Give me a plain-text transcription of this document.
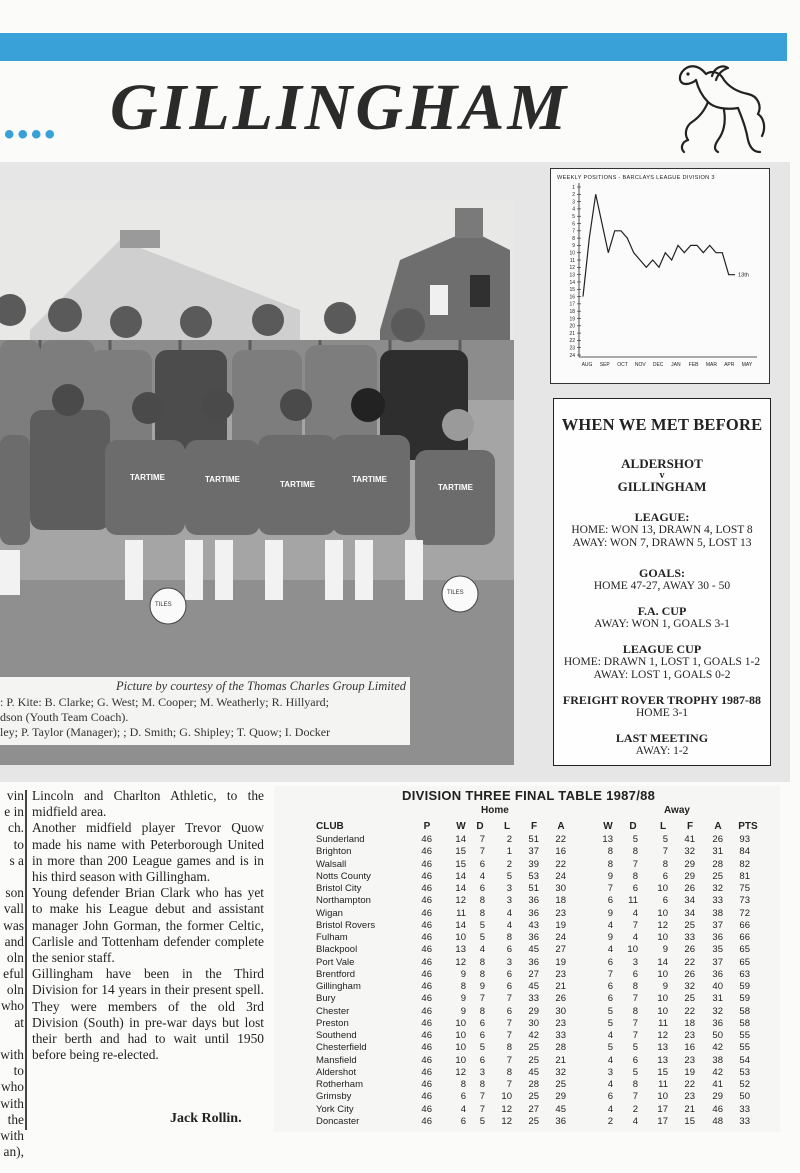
•••• GILLINGHAM
TILES
TILES
TARTIME	TARTIME
TARTIME
TARTIME
TARTIME
Picture by courtesy of the Thomas Charles Group Limited
: P. Kite: B. Clarke; G. West; M. Cooper; M. Weatherly; R. Hillyard;
dson (Youth Team Coach).
ley; P. Taylor (Manager); ; D. Smith; G. Shipley; T. Quow; I. Docker
WEEKLY POSITIONS - BARCLAYS LEAGUE DIVISION 3
1
2
3
4
5
6
7
8
9
10
11
12
13
14
15
16
17
18
19
20
21
22
23
24
AUG SEP OCT NOV DEC JAN FEB MAR APR MAY
13th
WHEN WE MET BEFORE
ALDERSHOT
v
GILLINGHAM
LEAGUE:
HOME: WON 13, DRAWN 4, LOST 8
AWAY: WON 7, DRAWN 5, LOST 13
GOALS:
HOME 47-27, AWAY 30 - 50
F.A. CUP
AWAY: WON 1, GOALS 3-1
LEAGUE CUP
HOME: DRAWN 1, LOST 1, GOALS 1-2
AWAY: LOST 1, GOALS 0-2
FREIGHT ROVER TROPHY 1987-88
HOME 3-1
LAST MEETING
AWAY: 1-2
vin
e in
ch.
to
s a
son
vall
was
and
oln
eful
oln
who
at
with
to
who
with
the
with
an),

Lincoln and Charlton Athletic, to the midfield area.

Another midfield player Trevor Quow made his name with Peterborough United in more than 200 League games and is in his third season with Gillingham.

Young defender Brian Clark who has yet to make his League debut and assistant manager John Gorman, the former Celtic, Carlisle and Tottenham defender complete the senior staff.

Gillingham have been in the Third Division for 14 years in their present spell. They were members of the old 3rd Division (South) in pre-war days but lost their berth and had to wait until 1950 before being re-elected.

Jack Rollin.
DIVISION THREE FINAL TABLE 1987/88
Home	Away
CLUB	P	W	D	L	F	A	W	D	L	F	A	PTS
Sunderland	46 14 7 2 51 22	13 5	5 41 26 93
Brighton	46 15 7 1 37 16	8 8	7 32 31 84
Walsall	46 15 6 2 39 22	8 7	8 29 28 82
Notts County	46 14 4 5 53 24	9 8	6 29 25 81
Bristol City	46 14 6 3 51 30	7 6 10 26 32 75
Northampton	46 12 8 3 36 18	6 11	6 34 33 73
Wigan	46	11 8 4 36 23	9 4 10 34 38 72
Bristol Rovers	46 14 5 4 43 19	4 7 12 25 37 66
Fulham	46 10 5 8 36 24	9 4 10 33 36 66
Blackpool	46 13 4 6 45 27	4 10	9 26 35 65
Port Vale	46 12 8 3 36 19	6 3 14 22 37 65
Brentford	46	9 8 6 27 23	7 6 10 26 36 63
Gillingham	46	8 9 6 45 21	6 8	9 32 40 59
Bury	46	9 7 7 33 26	6 7 10 25 31 59
Chester	46	9 8 6 29 30	5 8 10 22 32 58
Preston	46 10 6 7 30 23	5 7 11 18 36 58
Southend	46 10 6 7 42 33	4 7 12 23 50 55
Chesterfield	46 10 5 8 25 28	5 5 13 16 42 55
Mansfield	46 10 6 7 25 21	4 6 13 23 38 54
Aldershot	46 12 3 8 45 32	3 5 15 19 42 53
Rotherham	46	8 8 7 28 25	4 8 11 22 41 52
Grimsby	46	6 7 10 25 29	6 7 10 23 29 50
York City	46	4 7 12 27 45	4 2 17 21 46 33
Doncaster	46	6 5 12 25 36	2 4 17 15 48 33
